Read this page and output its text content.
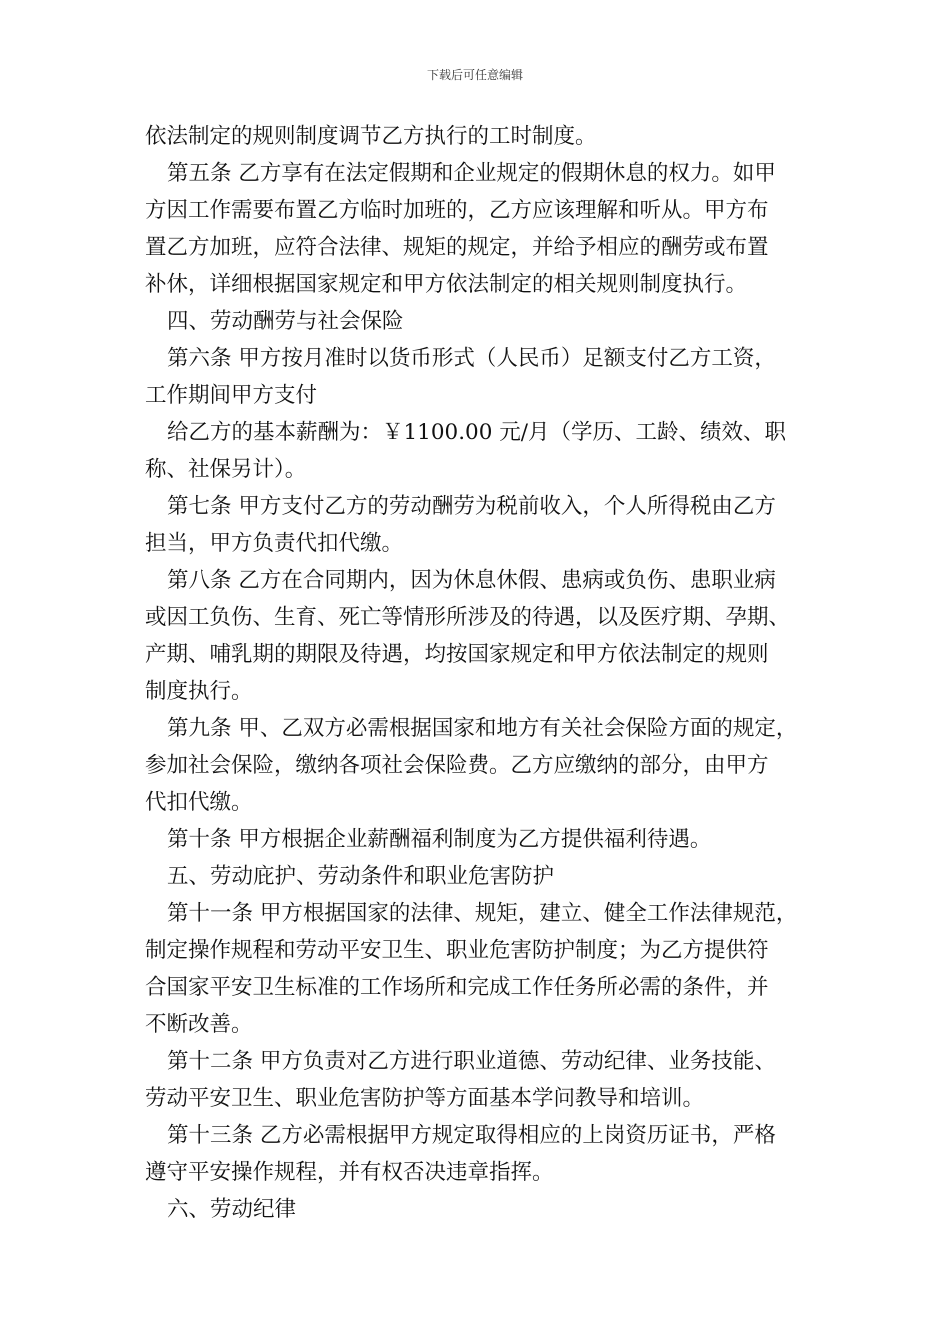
下载后可任意编辑
依法制定的规则制度调节乙方执行的工时制度。
第五条 乙方享有在法定假期和企业规定的假期休息的权力。如甲
方因工作需要布置乙方临时加班的，乙方应该理解和听从。甲方布
置乙方加班，应符合法律、规矩的规定，并给予相应的酬劳或布置
补休，详细根据国家规定和甲方依法制定的相关规则制度执行。
四、劳动酬劳与社会保险
第六条 甲方按月准时以货币形式（人民币）足额支付乙方工资，
工作期间甲方支付
给乙方的基本薪酬为：￥1100.00 元/月（学历、工龄、绩效、职
称、社保另计）。
第七条 甲方支付乙方的劳动酬劳为税前收入，个人所得税由乙方
担当，甲方负责代扣代缴。
第八条 乙方在合同期内，因为休息休假、患病或负伤、患职业病
或因工负伤、生育、死亡等情形所涉及的待遇，以及医疗期、孕期、
产期、哺乳期的期限及待遇，均按国家规定和甲方依法制定的规则
制度执行。
第九条 甲、乙双方必需根据国家和地方有关社会保险方面的规定，
参加社会保险，缴纳各项社会保险费。乙方应缴纳的部分，由甲方
代扣代缴。
第十条 甲方根据企业薪酬福利制度为乙方提供福利待遇。
五、劳动庇护、劳动条件和职业危害防护
第十一条 甲方根据国家的法律、规矩，建立、健全工作法律规范，
制定操作规程和劳动平安卫生、职业危害防护制度；为乙方提供符
合国家平安卫生标准的工作场所和完成工作任务所必需的条件，并
不断改善。
第十二条 甲方负责对乙方进行职业道德、劳动纪律、业务技能、
劳动平安卫生、职业危害防护等方面基本学问教导和培训。
第十三条 乙方必需根据甲方规定取得相应的上岗资历证书，严格
遵守平安操作规程，并有权否决违章指挥。
六、劳动纪律
